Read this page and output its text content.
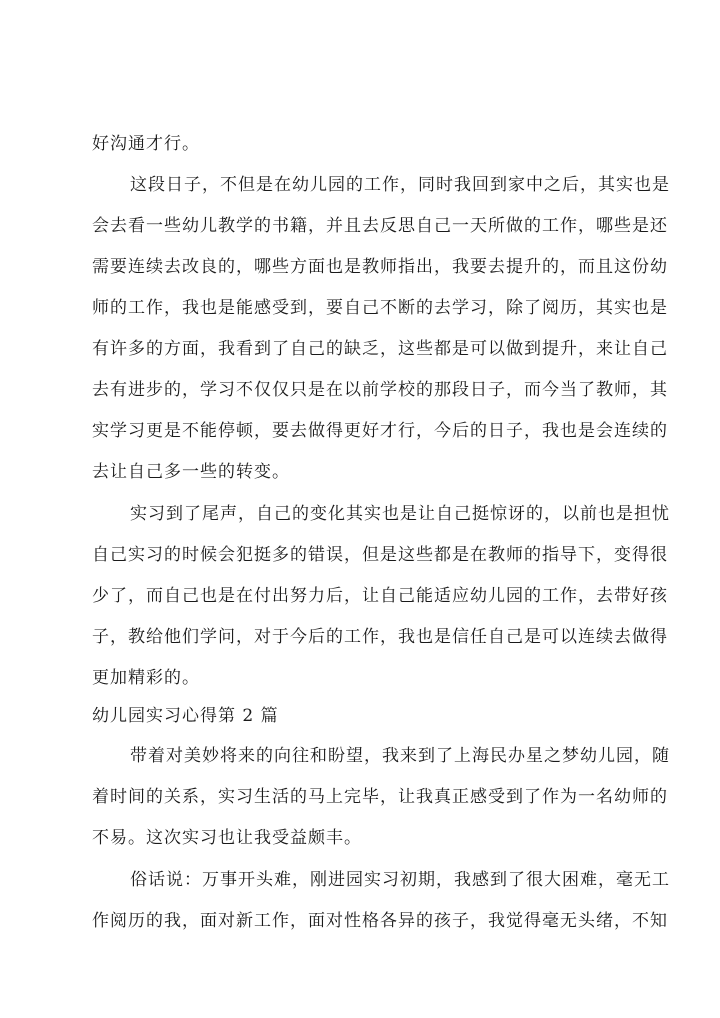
好沟通才行。
这段日子，不但是在幼儿园的工作，同时我回到家中之后，其实也是
会去看一些幼儿教学的书籍，并且去反思自己一天所做的工作，哪些是还
需要连续去改良的，哪些方面也是教师指出，我要去提升的，而且这份幼
师的工作，我也是能感受到，要自己不断的去学习，除了阅历，其实也是
有许多的方面，我看到了自己的缺乏，这些都是可以做到提升，来让自己
去有进步的，学习不仅仅只是在以前学校的那段日子，而今当了教师，其
实学习更是不能停顿，要去做得更好才行，今后的日子，我也是会连续的
去让自己多一些的转变。
实习到了尾声，自己的变化其实也是让自己挺惊讶的，以前也是担忧
自己实习的时候会犯挺多的错误，但是这些都是在教师的指导下，变得很
少了，而自己也是在付出努力后，让自己能适应幼儿园的工作，去带好孩
子，教给他们学问，对于今后的工作，我也是信任自己是可以连续去做得
更加精彩的。
幼儿园实习心得第 2 篇
带着对美妙将来的向往和盼望，我来到了上海民办星之梦幼儿园，随
着时间的关系，实习生活的马上完毕，让我真正感受到了作为一名幼师的
不易。这次实习也让我受益颇丰。
俗话说：万事开头难，刚进园实习初期，我感到了很大困难，毫无工
作阅历的我，面对新工作，面对性格各异的孩子，我觉得毫无头绪，不知
